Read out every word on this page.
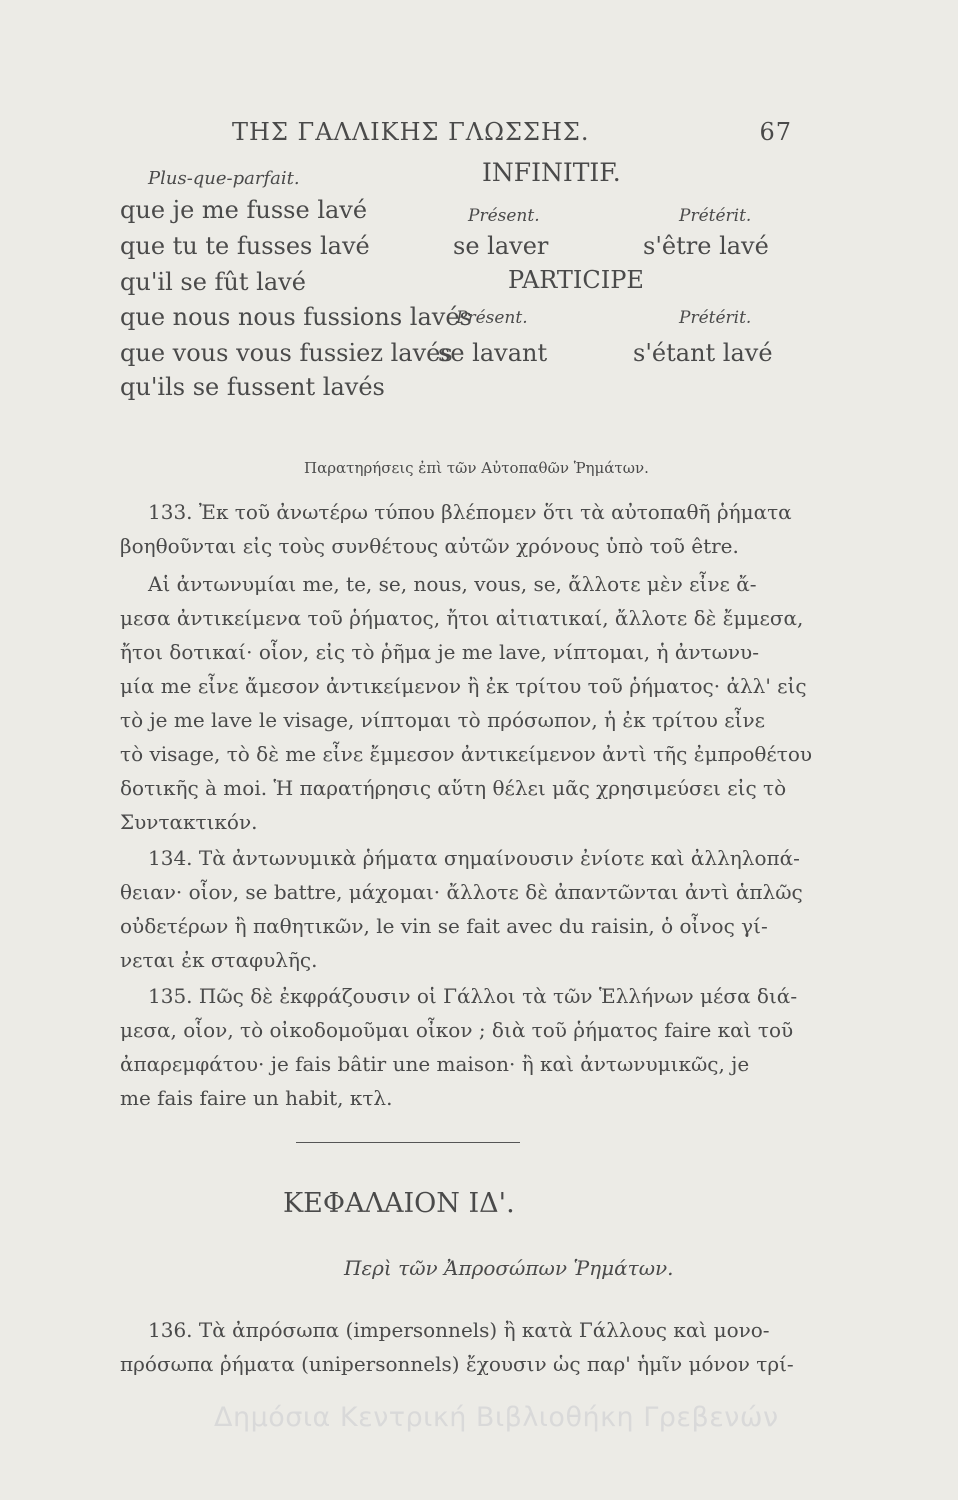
ΤΗΣ ΓΑΛΛΙΚΗΣ ΓΛΩΣΣΗΣ.	67
Plus-que-parfait.
que je me fusse lavé
que tu te fusses lavé
qu'il se fût lavé
que nous nous fussions lavés
que vous vous fussiez lavés
qu'ils se fussent lavés
INFINITIF.
Présent.	Prétérit.
se laver	s'être lavé
PARTICIPE
Présent.	Prétérit.
se lavant	s'étant lavé
Παρατηρήσεις ἐπὶ τῶν Αὐτοπαθῶν Ῥημάτων.
133. Ἐκ τοῦ ἀνωτέρω τύπου βλέπομεν ὅτι τὰ αὐτοπαθῆ ῥήματα
βοηθοῦνται εἰς τοὺς συνθέτους αὐτῶν χρόνους ὑπὸ τοῦ être.
Αἱ ἀντωνυμίαι me, te, se, nous, vous, se, ἄλλοτε μὲν εἶνε ἄ-
μεσα ἀντικείμενα τοῦ ῥήματος, ἤτοι αἰτιατικαί, ἄλλοτε δὲ ἔμμεσα,
ἤτοι δοτικαί· οἷον, εἰς τὸ ῥῆμα je me lave, νίπτομαι, ἡ ἀντωνυ-
μία me εἶνε ἄμεσον ἀντικείμενον ἢ ἐκ τρίτου τοῦ ῥήματος· ἀλλ' εἰς
τὸ je me lave le visage, νίπτομαι τὸ πρόσωπον, ἡ ἐκ τρίτου εἶνε
τὸ visage, τὸ δὲ me εἶνε ἔμμεσον ἀντικείμενον ἀντὶ τῆς ἐμπροθέτου
δοτικῆς à moi. Ἡ παρατήρησις αὕτη θέλει μᾶς χρησιμεύσει εἰς τὸ
Συντακτικόν.
134. Τὰ ἀντωνυμικὰ ῥήματα σημαίνουσιν ἐνίοτε καὶ ἀλληλοπά-
θειαν· οἷον, se battre, μάχομαι· ἄλλοτε δὲ ἀπαντῶνται ἀντὶ ἁπλῶς
οὐδετέρων ἢ παθητικῶν, le vin se fait avec du raisin, ὁ οἶνος γί-
νεται ἐκ σταφυλῆς.
135. Πῶς δὲ ἐκφράζουσιν οἱ Γάλλοι τὰ τῶν Ἑλλήνων μέσα διά-
μεσα, οἷον, τὸ οἰκοδομοῦμαι οἶκον ; διὰ τοῦ ῥήματος faire καὶ τοῦ
ἀπαρεμφάτου· je fais bâtir une maison· ἢ καὶ ἀντωνυμικῶς, je
me fais faire un habit, κτλ.
ΚΕΦΑΛΑΙΟΝ ΙΔ'.
Περὶ τῶν Ἀπροσώπων Ῥημάτων.
136. Τὰ ἀπρόσωπα (impersonnels) ἢ κατὰ Γάλλους καὶ μονο-
πρόσωπα ῥήματα (unipersonnels) ἔχουσιν ὡς παρ' ἡμῖν μόνον τρί-
Δημόσια Κεντρική Βιβλιοθήκη Γρεβενών
